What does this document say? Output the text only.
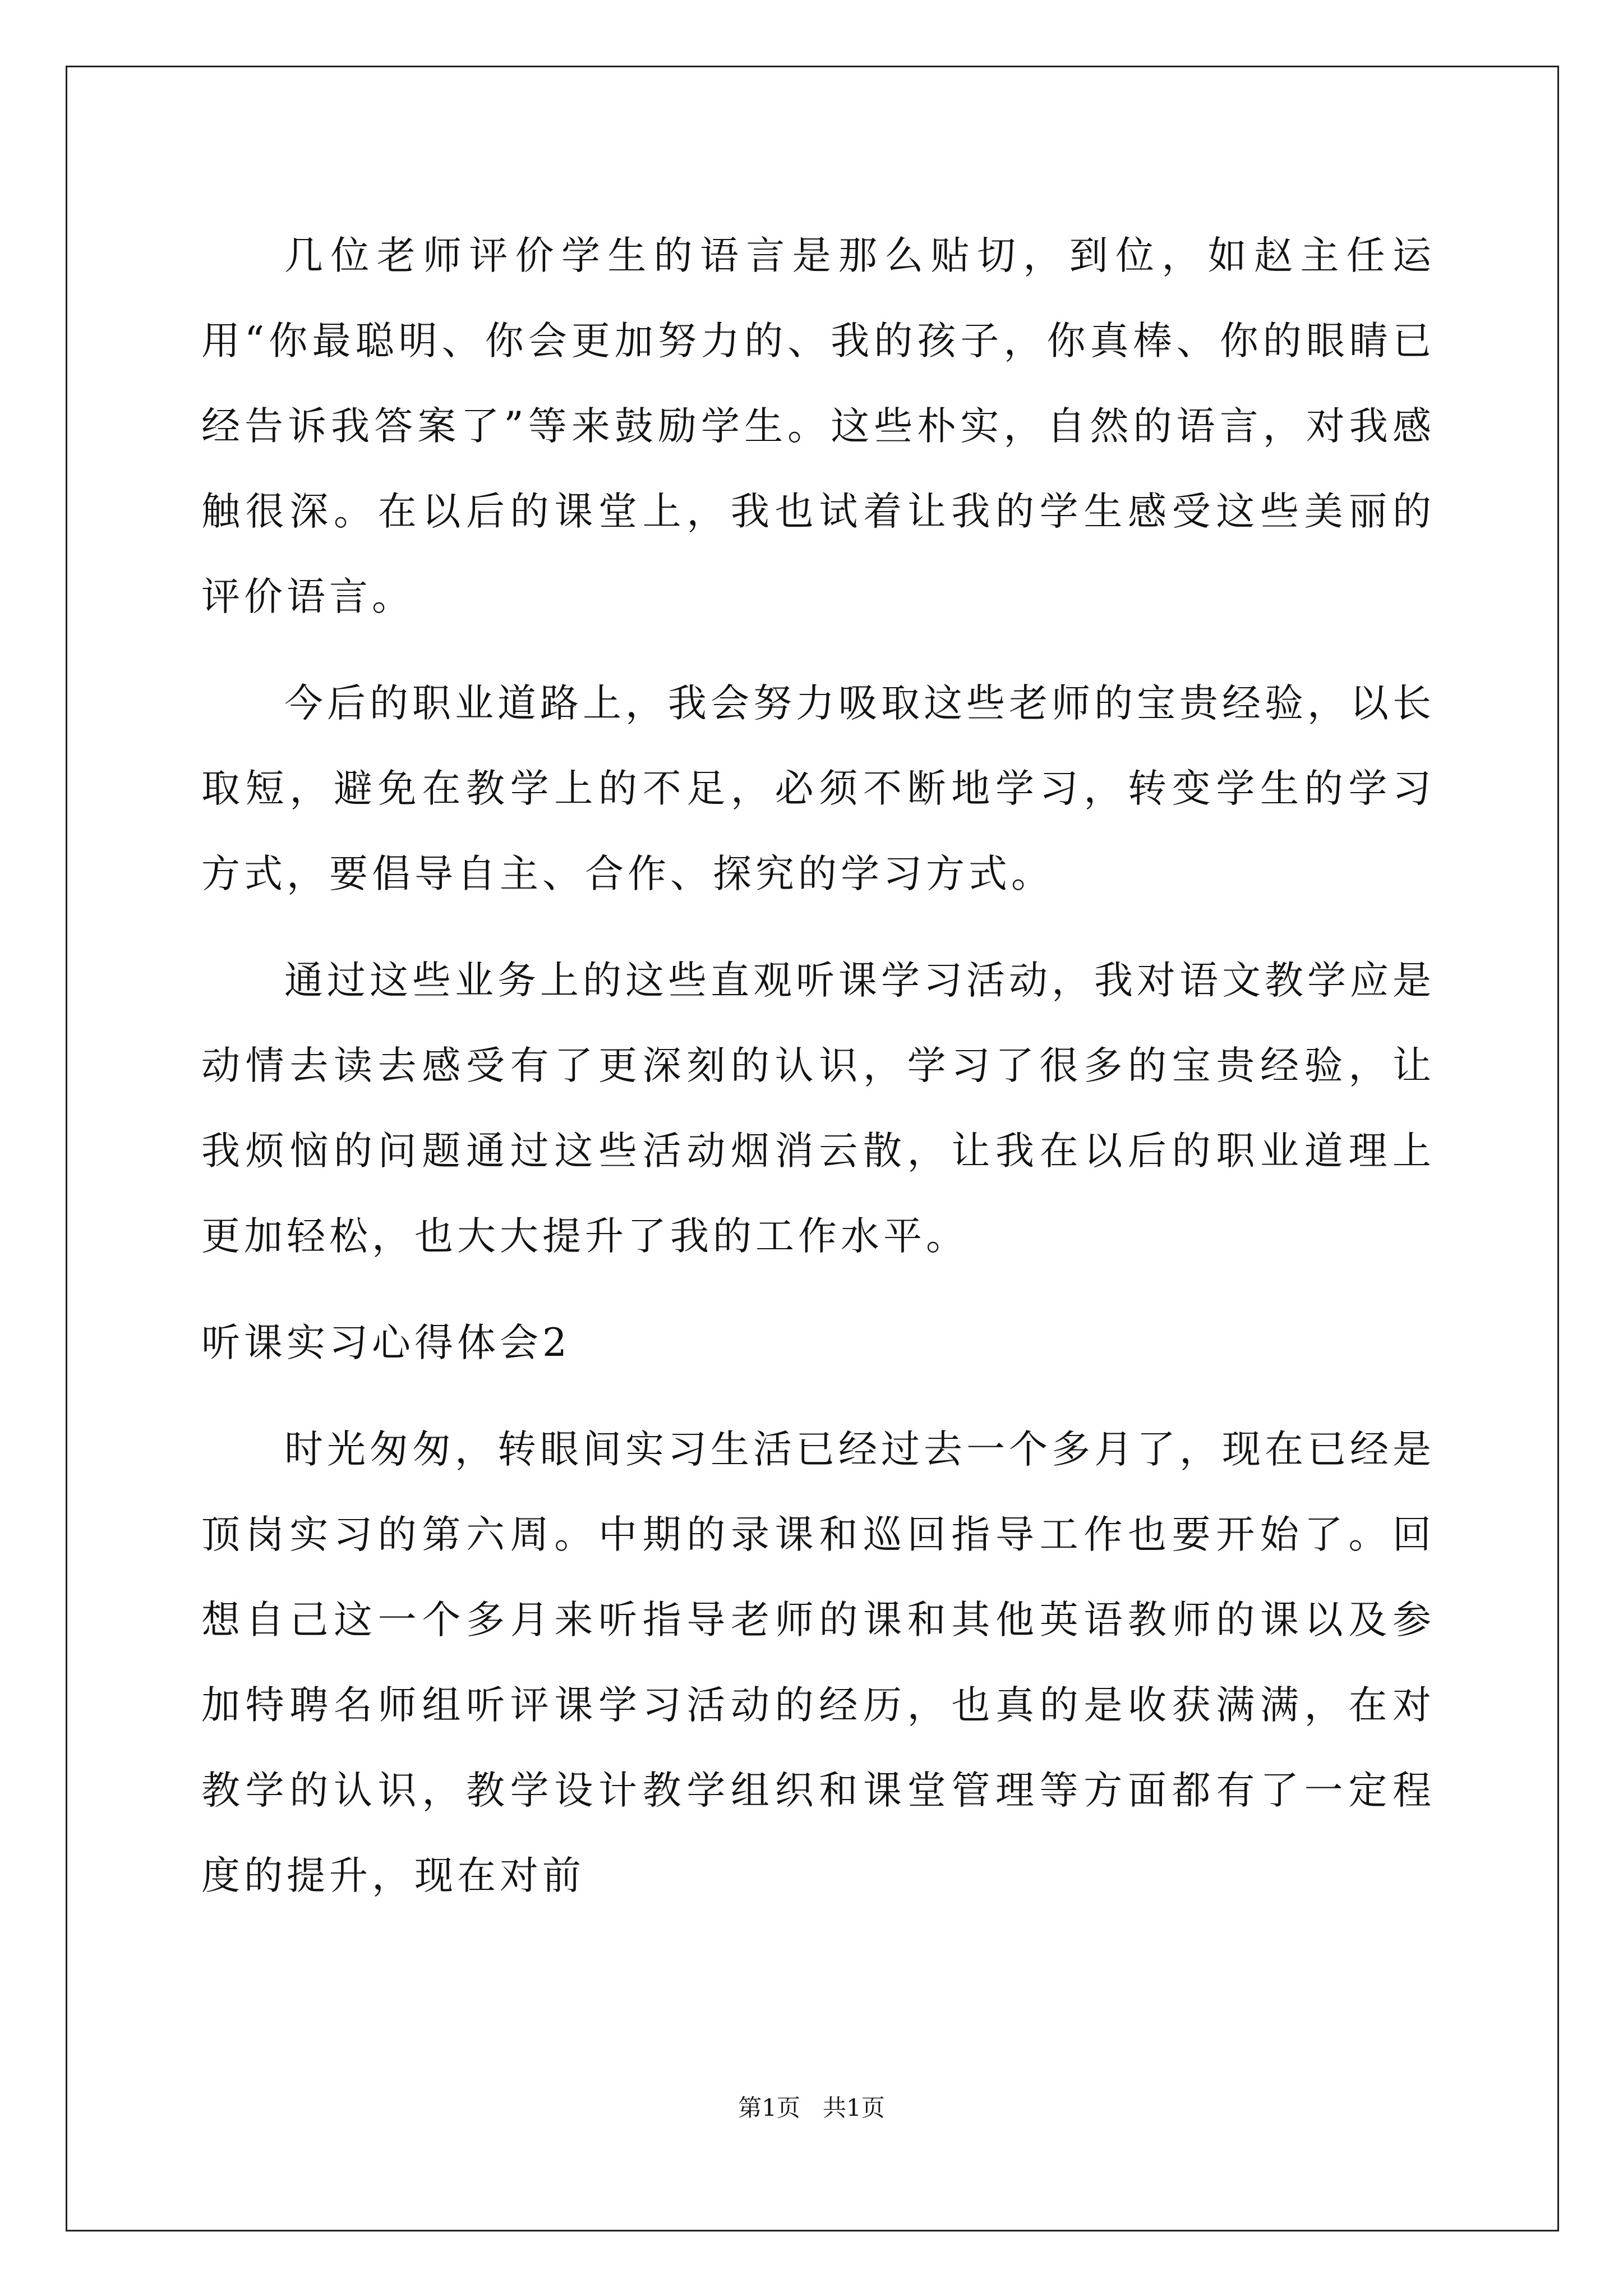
几位老师评价学生的语言是那么贴切，到位，如赵主任运用“你最聪明、你会更加努力的、我的孩子，你真棒、你的眼睛已经告诉我答案了”等来鼓励学生。这些朴实，自然的语言，对我感触很深。在以后的课堂上，我也试着让我的学生感受这些美丽的评价语言。

今后的职业道路上，我会努力吸取这些老师的宝贵经验，以长取短，避免在教学上的不足，必须不断地学习，转变学生的学习方式，要倡导自主、合作、探究的学习方式。

通过这些业务上的这些直观听课学习活动，我对语文教学应是动情去读去感受有了更深刻的认识，学习了很多的宝贵经验，让我烦恼的问题通过这些活动烟消云散，让我在以后的职业道理上更加轻松，也大大提升了我的工作水平。

听课实习心得体会2

时光匆匆，转眼间实习生活已经过去一个多月了，现在已经是顶岗实习的第六周。中期的录课和巡回指导工作也要开始了。回想自己这一个多月来听指导老师的课和其他英语教师的课以及参加特聘名师组听评课学习活动的经历，也真的是收获满满，在对教学的认识，教学设计教学组织和课堂管理等方面都有了一定程度的提升，现在对前

第1页   共1页
